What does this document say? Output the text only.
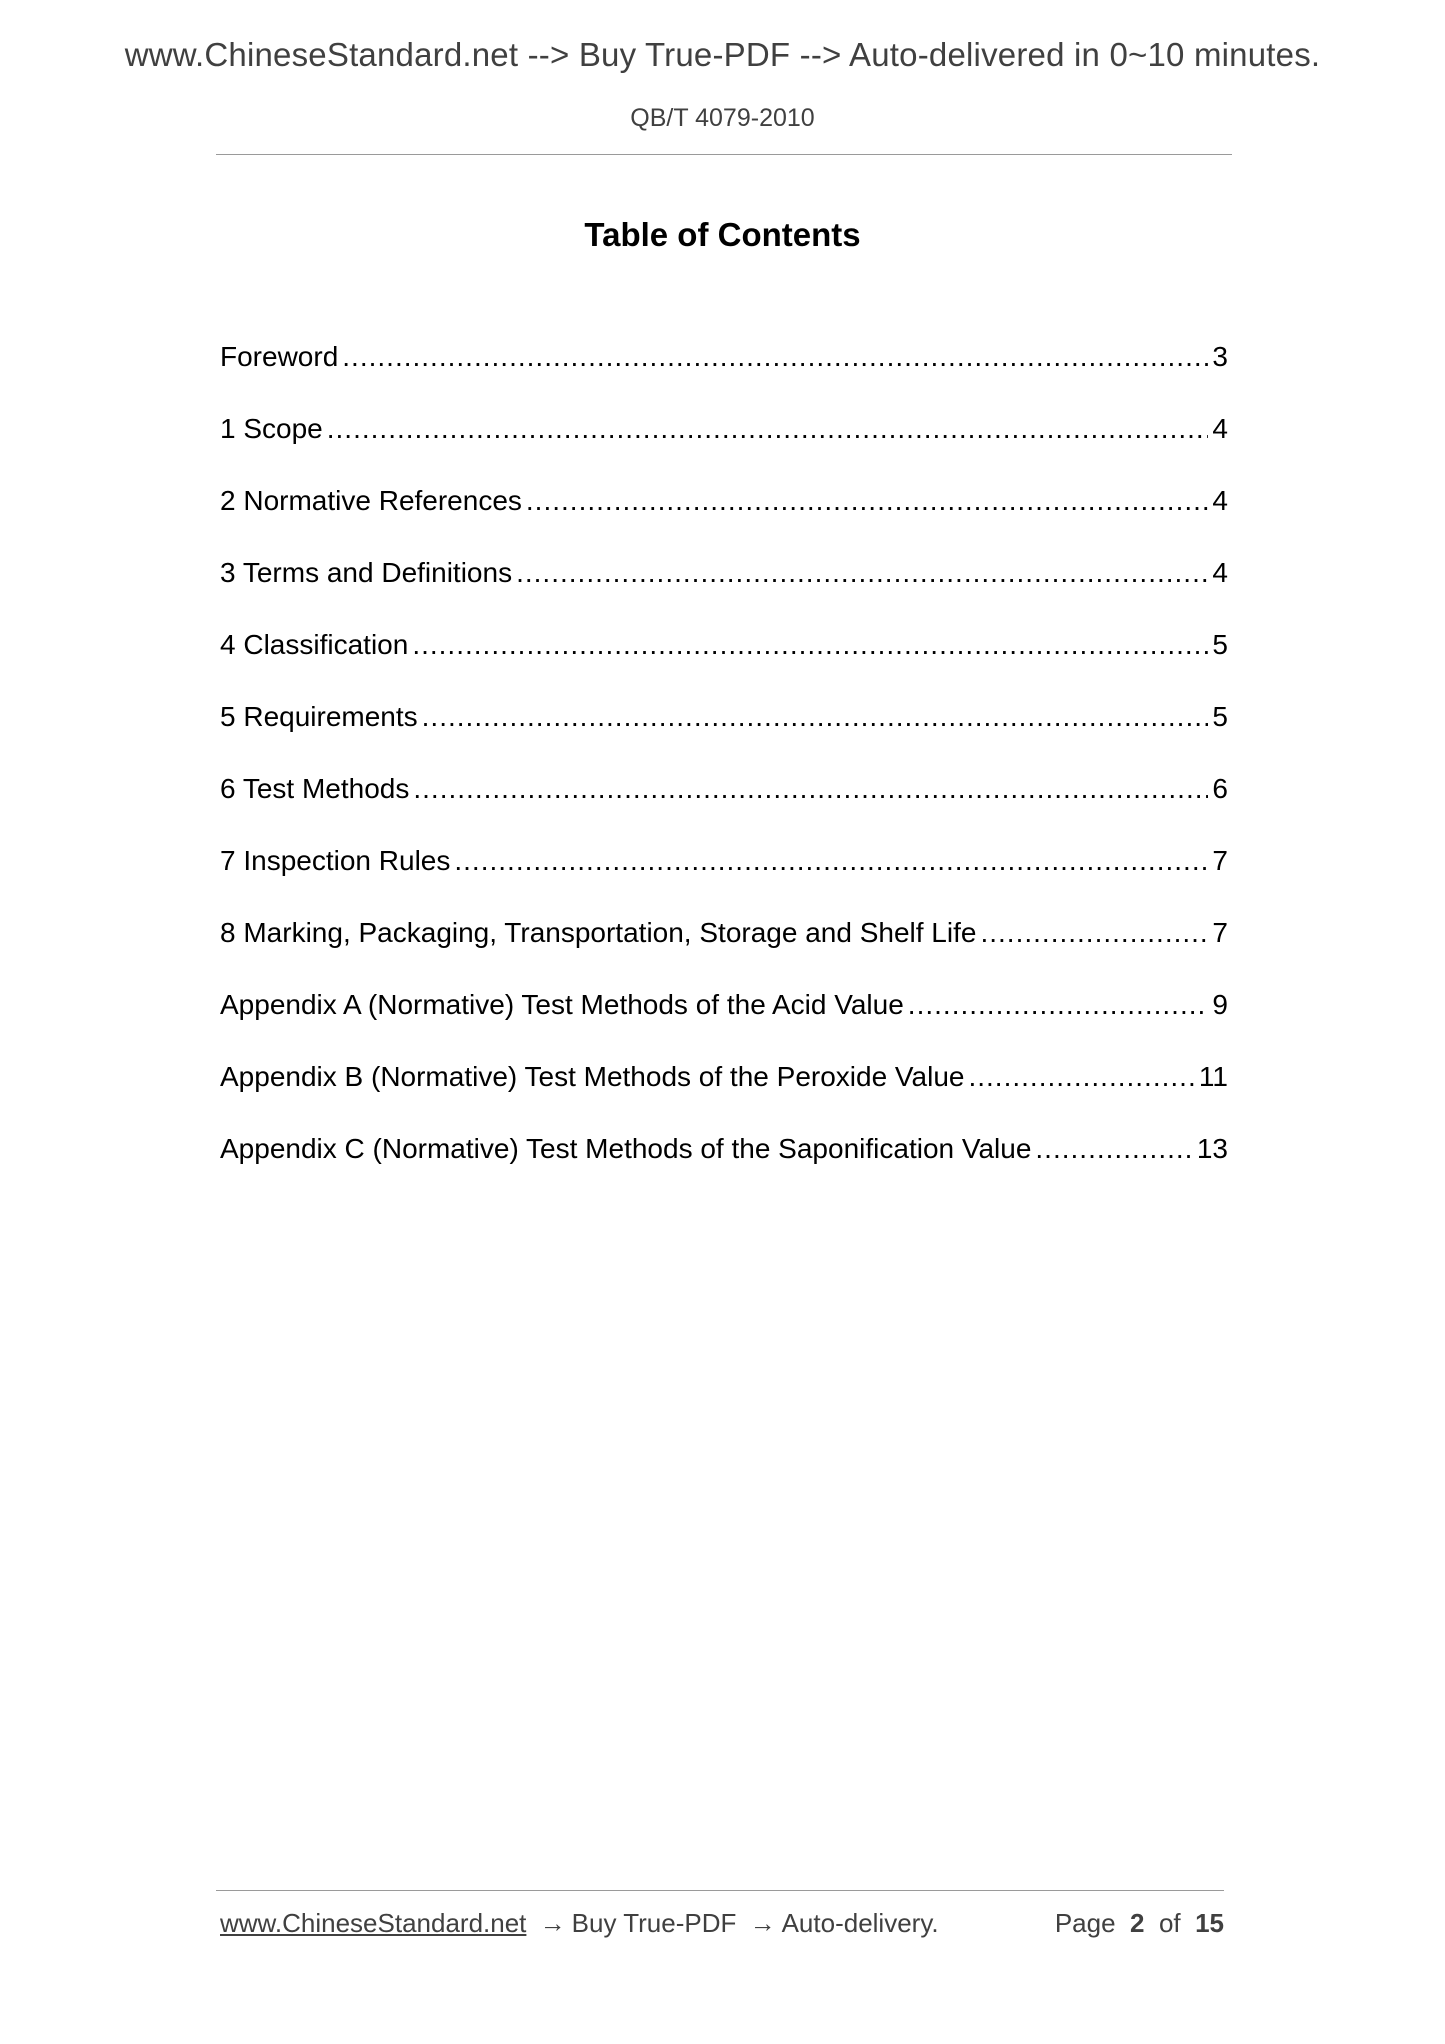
www.ChineseStandard.net --> Buy True-PDF --> Auto-delivered in 0~10 minutes.
QB/T 4079-2010
Table of Contents
Foreword .....	3
1 Scope .....	4
2 Normative References .....	4
3 Terms and Definitions .....	4
4 Classification .....	5
5 Requirements .....	5
6 Test Methods .....	6
7 Inspection Rules .....	7
8 Marking, Packaging, Transportation, Storage and Shelf Life .....	7
Appendix A (Normative) Test Methods of the Acid Value .....	9
Appendix B (Normative) Test Methods of the Peroxide Value .....	11
Appendix C (Normative) Test Methods of the Saponification Value .....	13
www.ChineseStandard.net → Buy True-PDF → Auto-delivery.	Page 2 of 15
